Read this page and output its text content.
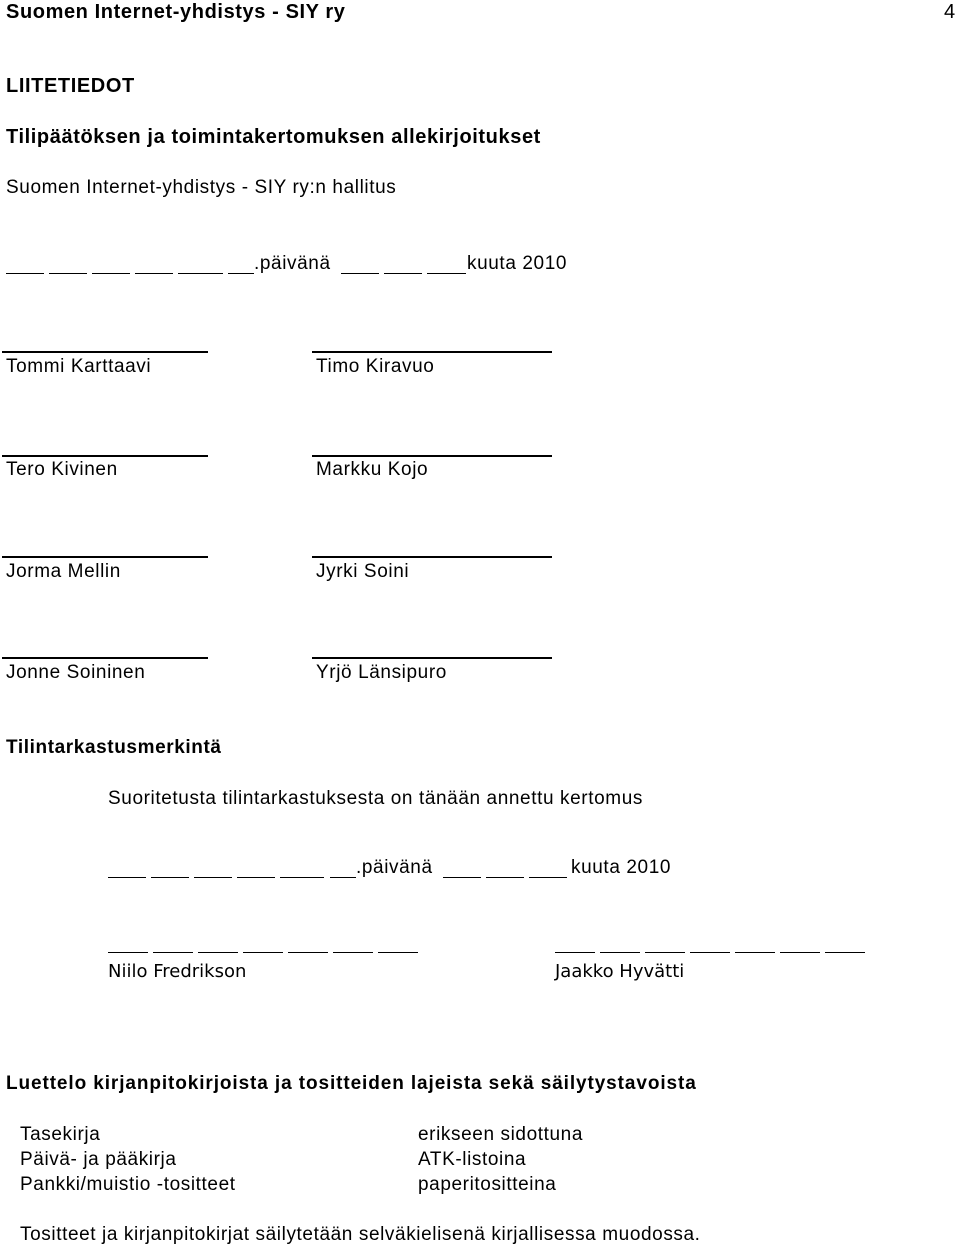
Suomen Internet-yhdistys - SIY ry	4
LIITETIEDOT
Tilipäätöksen ja toimintakertomuksen allekirjoitukset
Suomen Internet-yhdistys - SIY ry:n hallitus
.päivänä	kuuta 2010
Tommi Karttaavi	Timo Kiravuo
Tero Kivinen	Markku Kojo
Jorma Mellin	Jyrki Soini
Jonne Soininen	Yrjö Länsipuro
Tilintarkastusmerkintä
Suoritetusta tilintarkastuksesta on tänään annettu kertomus
.päivänä	kuuta 2010
Niilo Fredrikson	Jaakko Hyvätti
Luettelo kirjanpitokirjoista ja tositteiden lajeista sekä säilytystavoista
Tasekirja	erikseen sidottuna
Päivä- ja pääkirja	ATK-listoina
Pankki/muistio -tositteet	paperitositteina
Tositteet ja kirjanpitokirjat säilytetään selväkielisenä kirjallisessa muodossa.
